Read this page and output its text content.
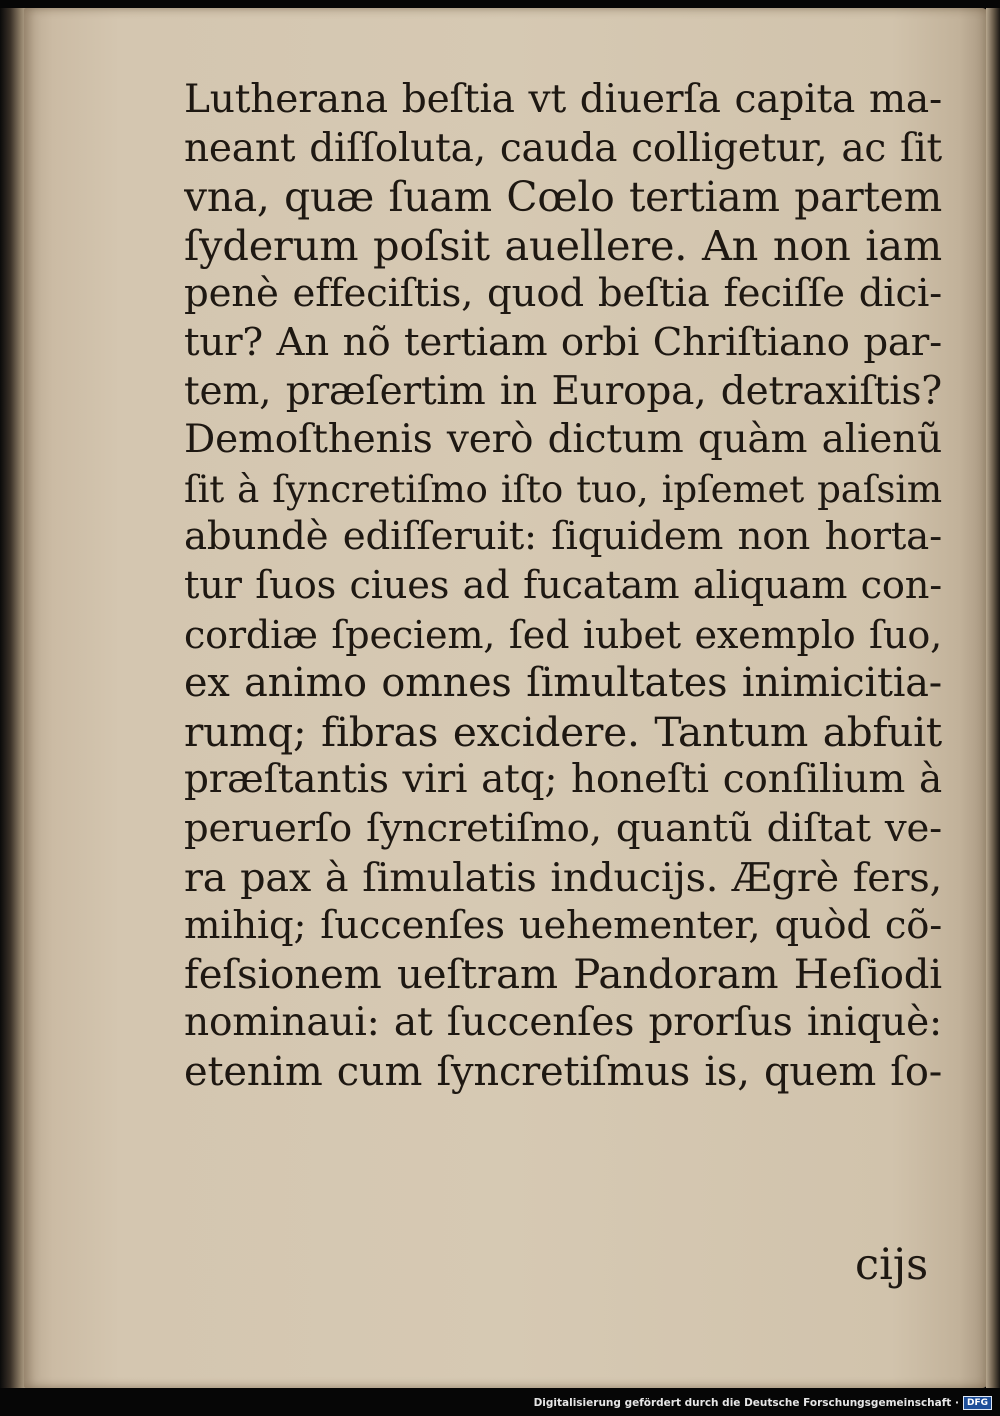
Lutherana beſtia vt diuerſa capita ma-
neant diſſoluta, cauda colligetur, ac ſit
vna, quæ ſuam Cœlo tertiam partem
ſyderum poſsit auellere. An non iam
penè effeciſtis, quod beſtia feciſſe dici-
tur? An nõ tertiam orbi Chriſtiano par-
tem, præſertim in Europa, detraxiſtis?
Demoſthenis verò dictum quàm alienũ
ſit à ſyncretiſmo iſto tuo, ipſemet paſsim
abundè ediſſeruit: ſiquidem non horta-
tur ſuos ciues ad fucatam aliquam con-
cordiæ ſpeciem, ſed iubet exemplo ſuo,
ex animo omnes ſimultates inimicitia-
rumq; fibras excidere. Tantum abfuit
præſtantis viri atq; honeſti conſilium à
peruerſo ſyncretiſmo, quantũ diſtat ve-
ra pax à ſimulatis inducijs. Ægrè fers,
mihiq; ſuccenſes uehementer, quòd cõ-
feſsionem ueſtram Pandoram Heſiodi
nominaui: at ſuccenſes prorſus iniquè:
etenim cum ſyncretiſmus is, quem ſo-
cijs
Digitalisierung gefördert durch die Deutsche Forschungsgemeinschaft · DFG
